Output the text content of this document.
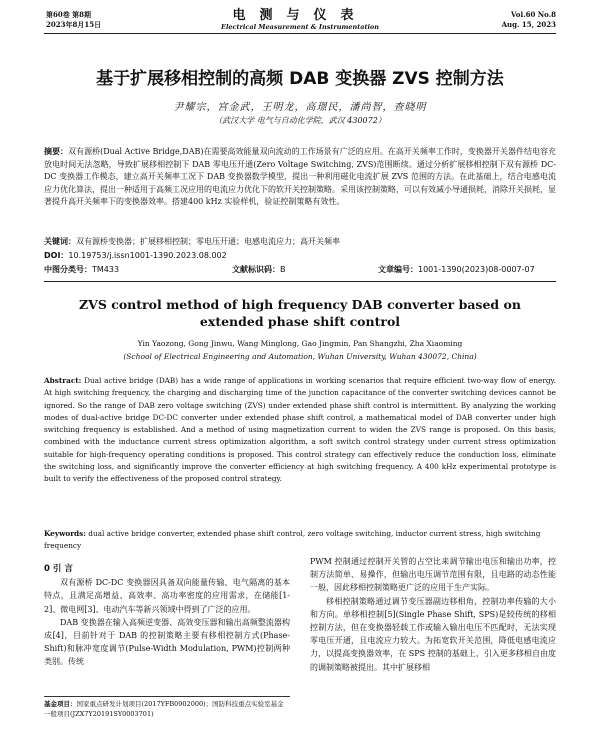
第60卷 第8期
2023年8月15日
电测与仪表
Electrical Measurement & Instrumentation
Vol.60 No.8
Aug. 15, 2023
基于扩展移相控制的高频 DAB 变换器 ZVS 控制方法
尹耀宗，宫金武，王明龙，高璟民，潘尚智，查晓明
（武汉大学 电气与自动化学院，武汉 430072）
摘要：双有源桥(Dual Active Bridge,DAB)在需要高效能量双向流动的工作场景有广泛的应用。在高开关频率工作时，变换器开关器件结电容充放电时间无法忽略，导致扩展移相控制下 DAB 零电压开通(Zero Voltage Switching, ZVS)范围断续。通过分析扩展移相控制下双有源桥 DC-DC 变换器工作模态，建立高开关频率工况下 DAB 变换器数学模型，提出一种利用磁化电流扩展 ZVS 范围的方法。在此基础上，结合电感电流应力优化算法，提出一种适用于高频工况应用的电流应力优化下的软开关控制策略。采用该控制策略，可以有效减小导通损耗，消除开关损耗，显著提升高开关频率下的变换器效率。搭建400 kHz 实验样机，验证控制策略有效性。
关键词：双有源桥变换器；扩展移相控制；零电压开通；电感电流应力；高开关频率
DOI：10.19753/j.issn1001-1390.2023.08.002
中图分类号：TM433	文献标识码：B	文章编号：1001-1390(2023)08-0007-07
ZVS control method of high frequency DAB converter based on extended phase shift control
Yin Yaozong, Gong Jinwu, Wang Minglong, Gao Jingmin, Pan Shangzhi, Zha Xiaoming
(School of Electrical Engineering and Automation, Wuhan University, Wuhan 430072, China)
Abstract: Dual active bridge (DAB) has a wide range of applications in working scenarios that require efficient two-way flow of energy. At high switching frequency, the charging and discharging time of the junction capacitance of the converter switching devices cannot be ignored. So the range of DAB zero voltage switching (ZVS) under extended phase shift control is intermittent. By analyzing the working modes of dual-active bridge DC-DC converter under extended phase shift control, a mathematical model of DAB converter under high switching frequency is established. And a method of using magnetization current to widen the ZVS range is proposed. On this basis, combined with the inductance current stress optimization algorithm, a soft switch control strategy under current stress optimization suitable for high-frequency operating conditions is proposed. This control strategy can effectively reduce the conduction loss, eliminate the switching loss, and significantly improve the converter efficiency at high switching frequency. A 400 kHz experimental prototype is built to verify the effectiveness of the proposed control strategy.
Keywords: dual active bridge converter, extended phase shift control, zero voltage switching, inductor current stress, high switching frequency
0 引 言
双有源桥 DC-DC 变换器因具备双向能量传输、电气隔离的基本特点，且满足高增益、高效率、高功率密度的应用需求，在储能[1-2]、微电网[3]、电动汽车等新兴领域中得到了广泛的应用。
DAB 变换器在输入高频逆变器、高效变压器和输出高频整流器构成[4]，目前针对于 DAB 的控制策略主要有移相控制方式(Phase-Shift)和脉冲宽度调节(Pulse-Width Modulation, PWM)控制两种类别。传统
基金项目：国家重点研发计划项目(2017YFB0902000)；国防科技重点实验室基金一般项目(JZX7Y20191SY0003701)
PWM 控制通过控制开关管的占空比来调节输出电压和输出功率，控制方法简单、易操作，但输出电压调节范围有限，且电路的动态性能一般，因此移相控制策略更广泛的应用于生产实际。
移相控制策略通过调节变压器副边移相角，控制功率传输的大小和方向。单移相控制[5](Single Phase Shift, SPS)是较传统的移相控制方法，但在变换器轻载工作或输入输出电压不匹配时，无法实现零电压开通，且电流应力较大。为拓宽软开关范围，降低电感电流应力，以提高变换器效率，在 SPS 控制的基础上，引入更多移相自由度的调制策略被提出。其中扩展移相
